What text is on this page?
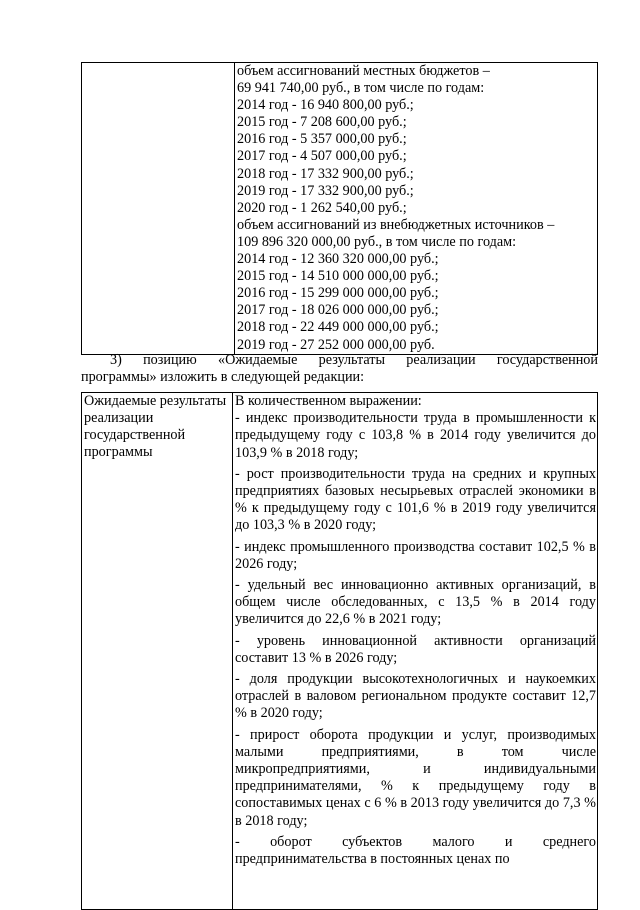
объем ассигнований местных бюджетов –
69 941 740,00 руб., в том числе по годам:
2014 год - 16 940 800,00 руб.;
2015 год - 7 208 600,00 руб.;
2016 год - 5 357 000,00 руб.;
2017 год - 4 507 000,00 руб.;
2018 год - 17 332 900,00 руб.;
2019 год - 17 332 900,00 руб.;
2020 год - 1 262 540,00 руб.;
объем ассигнований из внебюджетных источников –
109 896 320 000,00 руб., в том числе по годам:
2014 год - 12 360 320 000,00 руб.;
2015 год - 14 510 000 000,00 руб.;
2016 год - 15 299 000 000,00 руб.;
2017 год - 18 026 000 000,00 руб.;
2018 год - 22 449 000 000,00 руб.;
2019 год - 27 252 000 000,00 руб.
3) позицию «Ожидаемые результаты реализации государственной
программы» изложить в следующей редакции:
Ожидаемые результаты реализации государственной программы

В количественном выражении:
- индекс производительности труда в промышленности к предыдущему году с 103,8 % в 2014 году увеличится до 103,9 % в 2018 году;
- рост производительности труда на средних и крупных предприятиях базовых несырьевых отраслей экономики в % к предыдущему году с 101,6 % в 2019 году увеличится до 103,3 % в 2020 году;
- индекс промышленного производства составит 102,5 % в 2026 году;
- удельный вес инновационно активных организаций, в общем числе обследованных, с 13,5 % в 2014 году увеличится до 22,6 % в 2021 году;
- уровень инновационной активности организаций составит 13 % в 2026 году;
- доля продукции высокотехнологичных и наукоемких отраслей в валовом региональном продукте составит 12,7 % в 2020 году;
- прирост оборота продукции и услуг, производимых малыми предприятиями, в том числе микропредприятиями, и индивидуальными предпринимателями, % к предыдущему году в сопоставимых ценах с 6 % в 2013 году увеличится до 7,3 % в 2018 году;
- оборот субъектов малого и среднего предпринимательства в постоянных ценах по
